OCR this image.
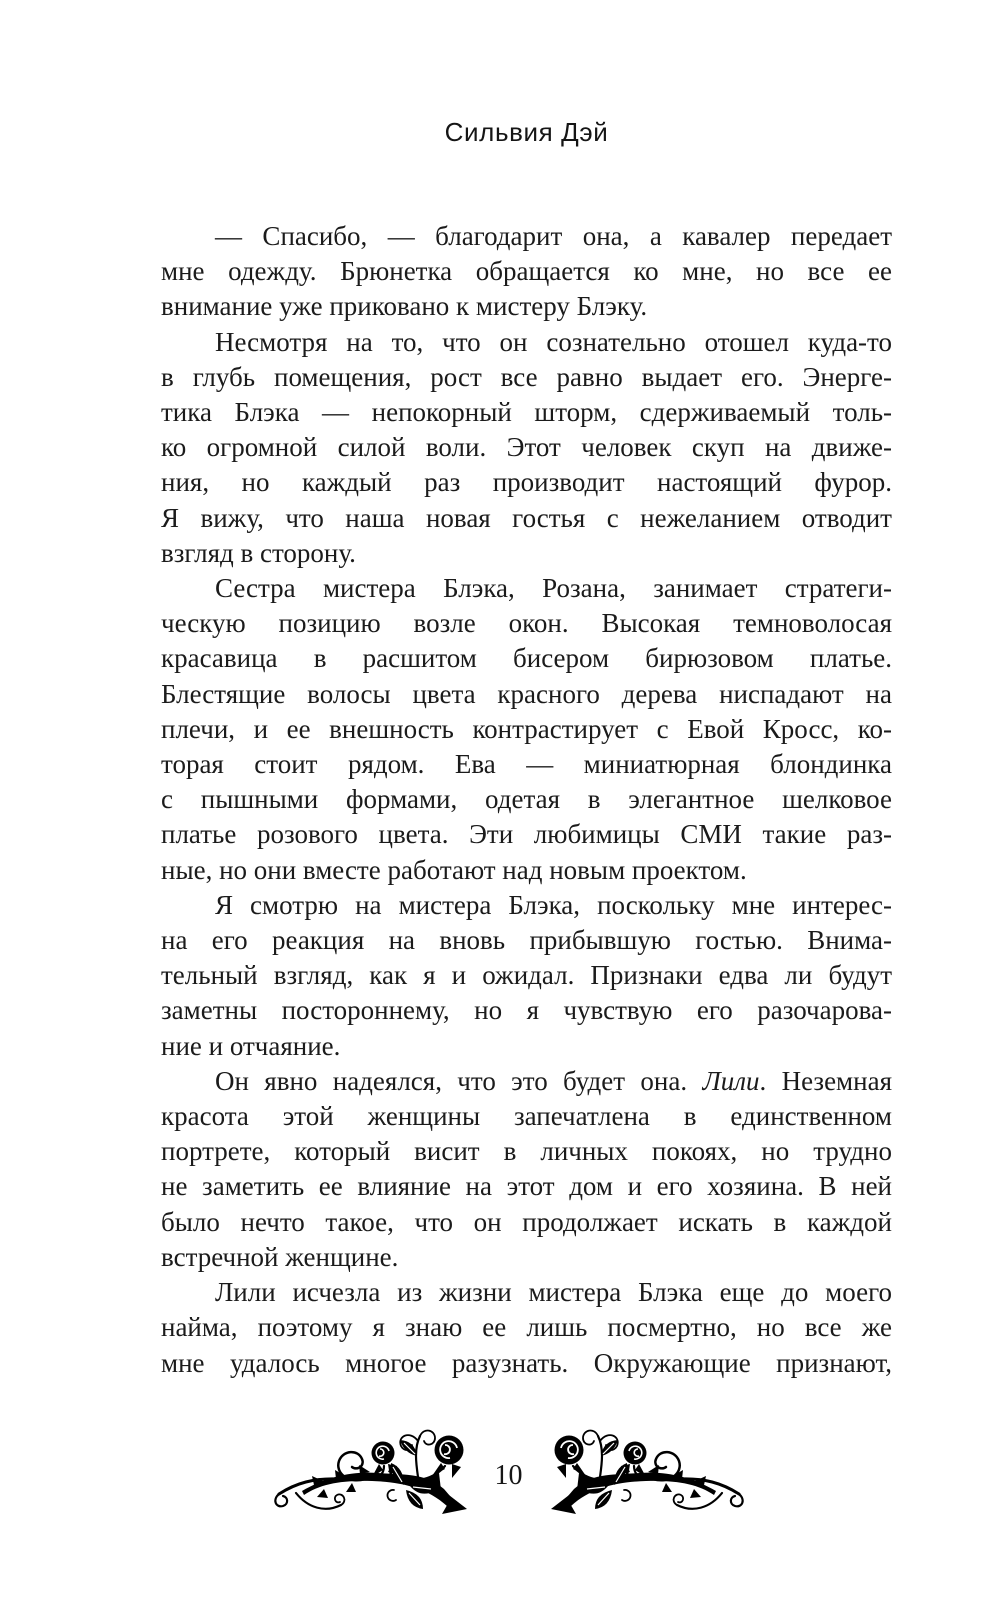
Сильвия Дэй
— Спасибо, — благодарит она, а кавалер передает
мне одежду. Брюнетка обращается ко мне, но все ее
внимание уже приковано к мистеру Блэку.
Несмотря на то, что он сознательно отошел куда-то
в глубь помещения, рост все равно выдает его. Энерге-
тика Блэка — непокорный шторм, сдерживаемый толь-
ко огромной силой воли. Этот человек скуп на движе-
ния, но каждый раз производит настоящий фурор.
Я вижу, что наша новая гостья с нежеланием отводит
взгляд в сторону.
Сестра мистера Блэка, Розана, занимает стратеги-
ческую позицию возле окон. Высокая темноволосая
красавица в расшитом бисером бирюзовом платье.
Блестящие волосы цвета красного дерева ниспадают на
плечи, и ее внешность контрастирует с Евой Кросс, ко-
торая стоит рядом. Ева — миниатюрная блондинка
с пышными формами, одетая в элегантное шелковое
платье розового цвета. Эти любимицы СМИ такие раз-
ные, но они вместе работают над новым проектом.
Я смотрю на мистера Блэка, поскольку мне интерес-
на его реакция на вновь прибывшую гостью. Внима-
тельный взгляд, как я и ожидал. Признаки едва ли будут
заметны постороннему, но я чувствую его разочарова-
ние и отчаяние.
Он явно надеялся, что это будет она. Лили. Неземная
красота этой женщины запечатлена в единственном
портрете, который висит в личных покоях, но трудно
не заметить ее влияние на этот дом и его хозяина. В ней
было нечто такое, что он продолжает искать в каждой
встречной женщине.
Лили исчезла из жизни мистера Блэка еще до моего
найма, поэтому я знаю ее лишь посмертно, но все же
мне удалось многое разузнать. Окружающие признают,
10
